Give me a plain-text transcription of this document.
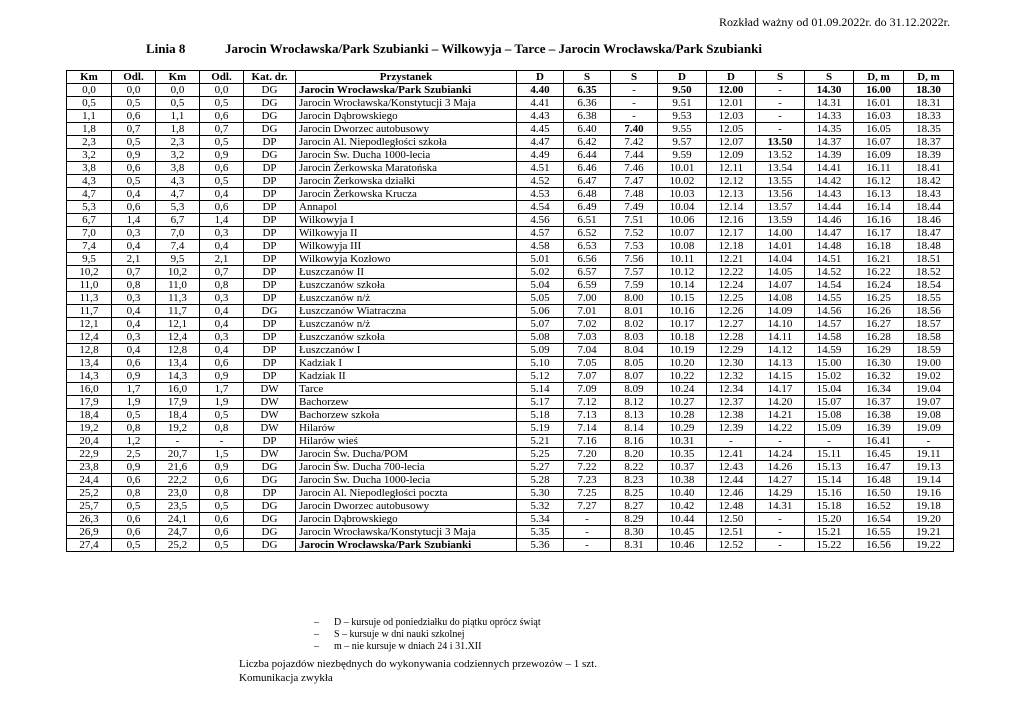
Rozkład ważny od 01.09.2022r. do 31.12.2022r.
Linia 8	Jarocin Wrocławska/Park Szubianki – Wilkowyja – Tarce – Jarocin Wrocławska/Park Szubianki
Km	Odl.	Km	Odl.	Kat. dr.	Przystanek	D	S	S	D	D	S	S	D, m	D, m
0,0	0,0	0,0	0,0	DG	Jarocin Wrocławska/Park Szubianki	4.40	6.35	-	9.50	12.00	-	14.30	16.00	18.30
0,5	0,5	0,5	0,5	DG	Jarocin Wrocławska/Konstytucji 3 Maja	4.41	6.36	-	9.51	12.01	-	14.31	16.01	18.31
1,1	0,6	1,1	0,6	DG	Jarocin Dąbrowskiego	4.43	6.38	-	9.53	12.03	-	14.33	16.03	18.33
1,8	0,7	1,8	0,7	DG	Jarocin Dworzec autobusowy	4.45	6.40	7.40	9.55	12.05	-	14.35	16.05	18.35
2,3	0,5	2,3	0,5	DP	Jarocin Al. Niepodległości szkoła	4.47	6.42	7.42	9.57	12.07	13.50	14.37	16.07	18.37
3,2	0,9	3,2	0,9	DG	Jarocin Św. Ducha 1000-lecia	4.49	6.44	7.44	9.59	12.09	13.52	14.39	16.09	18.39
3,8	0,6	3,8	0,6	DP	Jarocin Żerkowska Maratońska	4.51	6.46	7.46	10.01	12.11	13.54	14.41	16.11	18.41
4,3	0,5	4,3	0,5	DP	Jarocin Żerkowska działki	4.52	6.47	7.47	10.02	12.12	13.55	14.42	16.12	18.42
4,7	0,4	4,7	0,4	DP	Jarocin Żerkowska Krucza	4.53	6.48	7.48	10.03	12.13	13.56	14.43	16.13	18.43
5,3	0,6	5,3	0,6	DP	Annapol	4.54	6.49	7.49	10.04	12.14	13.57	14.44	16.14	18.44
6,7	1,4	6,7	1,4	DP	Wilkowyja I	4.56	6.51	7.51	10.06	12.16	13.59	14.46	16.16	18.46
7,0	0,3	7,0	0,3	DP	Wilkowyja II	4.57	6.52	7.52	10.07	12.17	14.00	14.47	16.17	18.47
7,4	0,4	7,4	0,4	DP	Wilkowyja III	4.58	6.53	7.53	10.08	12.18	14.01	14.48	16.18	18.48
9,5	2,1	9,5	2,1	DP	Wilkowyja Kozłowo	5.01	6.56	7.56	10.11	12.21	14.04	14.51	16.21	18.51
10,2	0,7	10,2	0,7	DP	Łuszczanów II	5.02	6.57	7.57	10.12	12.22	14.05	14.52	16.22	18.52
11,0	0,8	11,0	0,8	DP	Łuszczanów szkoła	5.04	6.59	7.59	10.14	12.24	14.07	14.54	16.24	18.54
11,3	0,3	11,3	0,3	DP	Łuszczanów n/ż	5.05	7.00	8.00	10.15	12.25	14.08	14.55	16.25	18.55
11,7	0,4	11,7	0,4	DG	Łuszczanów Wiatraczna	5.06	7.01	8.01	10.16	12.26	14.09	14.56	16.26	18.56
12,1	0,4	12,1	0,4	DP	Łuszczanów n/ż	5.07	7.02	8.02	10.17	12.27	14.10	14.57	16.27	18.57
12,4	0,3	12,4	0,3	DP	Łuszczanów szkoła	5.08	7.03	8.03	10.18	12.28	14.11	14.58	16.28	18.58
12,8	0,4	12,8	0,4	DP	Łuszczanów I	5.09	7.04	8.04	10.19	12.29	14.12	14.59	16.29	18.59
13,4	0,6	13,4	0,6	DP	Kadziak I	5.10	7.05	8.05	10.20	12.30	14.13	15.00	16.30	19.00
14,3	0,9	14,3	0,9	DP	Kadziak II	5.12	7.07	8.07	10.22	12.32	14.15	15.02	16.32	19.02
16,0	1,7	16,0	1,7	DW	Tarce	5.14	7.09	8.09	10.24	12.34	14.17	15.04	16.34	19.04
17,9	1,9	17,9	1,9	DW	Bachorzew	5.17	7.12	8.12	10.27	12.37	14.20	15.07	16.37	19.07
18,4	0,5	18,4	0,5	DW	Bachorzew szkoła	5.18	7.13	8.13	10.28	12.38	14.21	15.08	16.38	19.08
19,2	0,8	19,2	0,8	DW	Hilarów	5.19	7.14	8.14	10.29	12.39	14.22	15.09	16.39	19.09
20,4	1,2	-	-	DP	Hilarów wieś	5.21	7.16	8.16	10.31	-	-	-	16.41	-
22,9	2,5	20,7	1,5	DW	Jarocin Św. Ducha/POM	5.25	7.20	8.20	10.35	12.41	14.24	15.11	16.45	19.11
23,8	0,9	21,6	0,9	DG	Jarocin Św. Ducha 700-lecia	5.27	7.22	8.22	10.37	12.43	14.26	15.13	16.47	19.13
24,4	0,6	22,2	0,6	DG	Jarocin Św. Ducha 1000-lecia	5.28	7.23	8.23	10.38	12.44	14.27	15.14	16.48	19.14
25,2	0,8	23,0	0,8	DP	Jarocin Al. Niepodległości poczta	5.30	7.25	8.25	10.40	12.46	14.29	15.16	16.50	19.16
25,7	0,5	23,5	0,5	DG	Jarocin Dworzec autobusowy	5.32	7.27	8.27	10.42	12.48	14.31	15.18	16.52	19.18
26,3	0,6	24,1	0,6	DG	Jarocin Dąbrowskiego	5.34	-	8.29	10.44	12.50	-	15.20	16.54	19.20
26,9	0,6	24,7	0,6	DG	Jarocin Wrocławska/Konstytucji 3 Maja	5.35	-	8.30	10.45	12.51	-	15.21	16.55	19.21
27,4	0,5	25,2	0,5	DG	Jarocin Wrocławska/Park Szubianki	5.36	-	8.31	10.46	12.52	-	15.22	16.56	19.22
– D – kursuje od poniedziałku do piątku oprócz świąt
– S – kursuje w dni nauki szkolnej
– m – nie kursuje w dniach 24 i 31.XII
Liczba pojazdów niezbędnych do wykonywania codziennych przewozów – 1 szt.
Komunikacja zwykła
